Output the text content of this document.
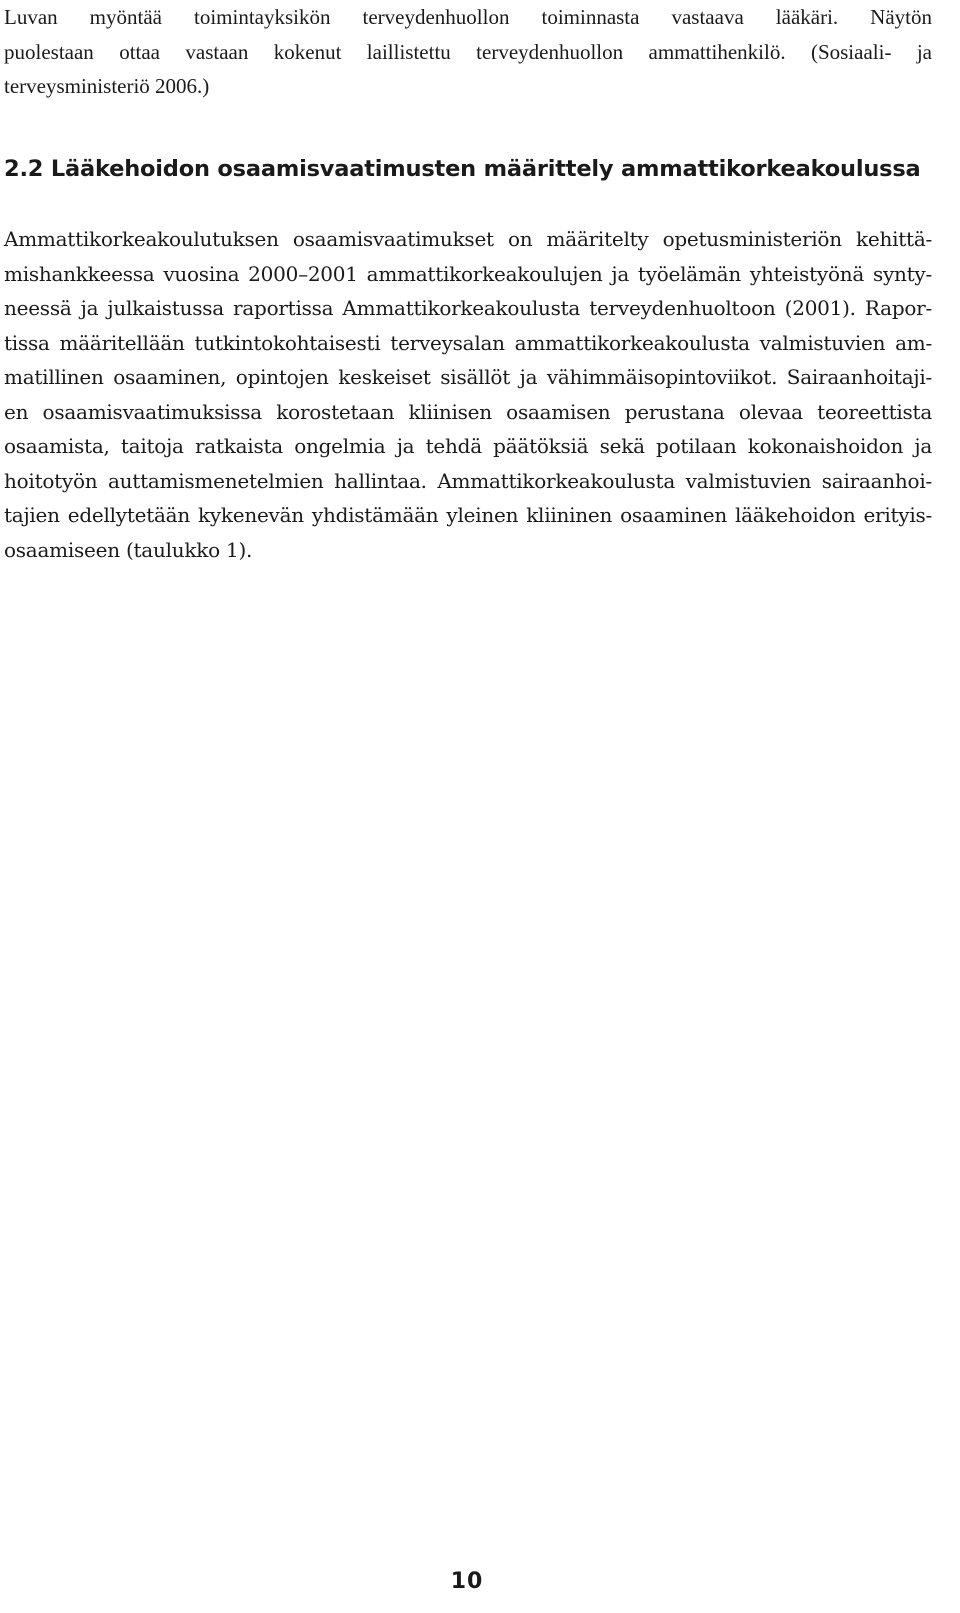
Luvan myöntää toimintayksikön terveydenhuollon toiminnasta vastaava lääkäri. Näytön
puolestaan ottaa vastaan kokenut laillistettu terveydenhuollon ammattihenkilö. (Sosiaali- ja
terveysministeriö 2006.)

2.2 Lääkehoidon osaamisvaatimusten määrittely ammattikorkeakoulussa

Ammattikorkeakoulutuksen osaamisvaatimukset on määritelty opetusministeriön kehittä-
mishankkeessa vuosina 2000–2001 ammattikorkeakoulujen ja työelämän yhteistyönä synty-
neessä ja julkaistussa raportissa Ammattikorkeakoulusta terveydenhuoltoon (2001). Rapor-
tissa määritellään tutkintokohtaisesti terveysalan ammattikorkeakoulusta valmistuvien am-
matillinen osaaminen, opintojen keskeiset sisällöt ja vähimmäisopintoviikot. Sairaanhoitaji-
en osaamisvaatimuksissa korostetaan kliinisen osaamisen perustana olevaa teoreettista
osaamista, taitoja ratkaista ongelmia ja tehdä päätöksiä sekä potilaan kokonaishoidon ja
hoitotyön auttamismenetelmien hallintaa. Ammattikorkeakoulusta valmistuvien sairaanhoi-
tajien edellytetään kykenevän yhdistämään yleinen kliininen osaaminen lääkehoidon erityis-
osaamiseen (taulukko 1).

10
